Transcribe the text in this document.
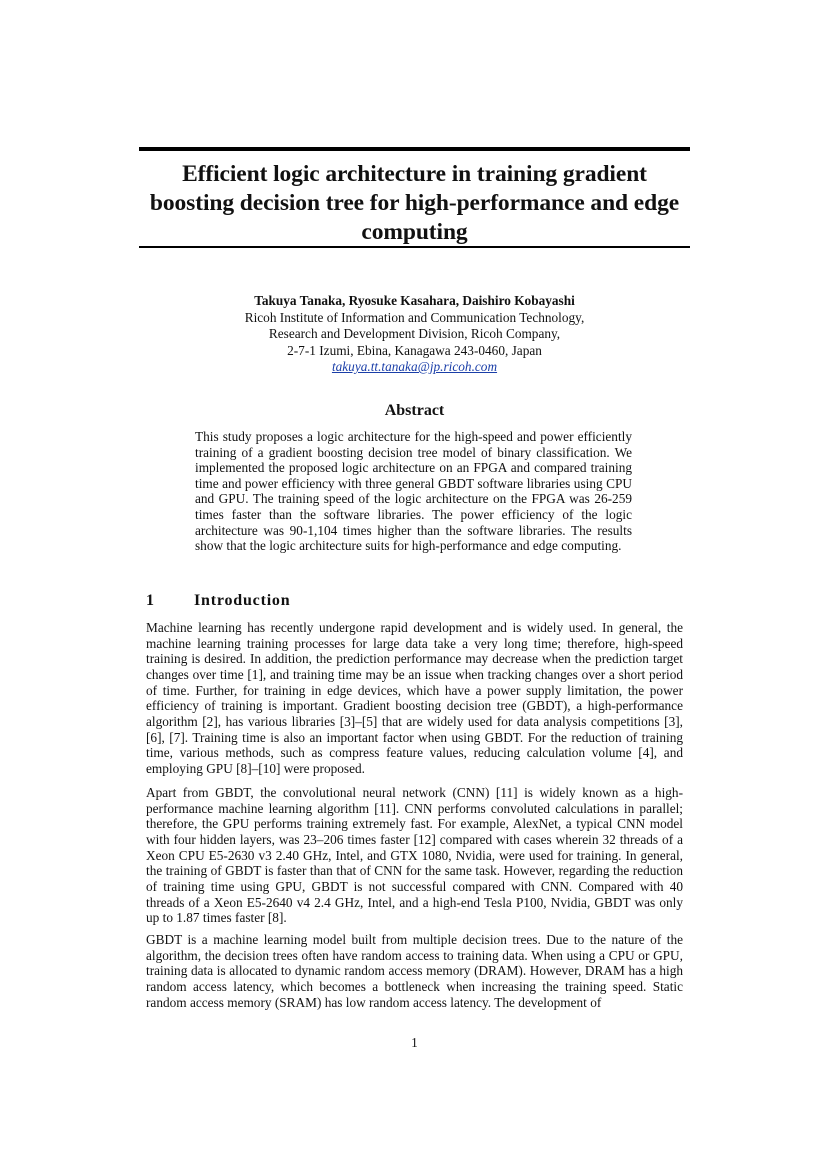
Efficient logic architecture in training gradient boosting decision tree for high-performance and edge computing
Takuya Tanaka, Ryosuke Kasahara, Daishiro Kobayashi
Ricoh Institute of Information and Communication Technology,
Research and Development Division, Ricoh Company,
2-7-1 Izumi, Ebina, Kanagawa 243-0460, Japan
takuya.tt.tanaka@jp.ricoh.com
Abstract

This study proposes a logic architecture for the high-speed and power efficiently training of a gradient boosting decision tree model of binary classification. We implemented the proposed logic architecture on an FPGA and compared training time and power efficiency with three general GBDT software libraries using CPU and GPU. The training speed of the logic architecture on the FPGA was 26-259 times faster than the software libraries. The power efficiency of the logic architecture was 90-1,104 times higher than the software libraries. The results show that the logic architecture suits for high-performance and edge computing.

1 Introduction

Machine learning has recently undergone rapid development and is widely used. In general, the machine learning training processes for large data take a very long time; therefore, high-speed training is desired. In addition, the prediction performance may decrease when the prediction target changes over time [1], and training time may be an issue when tracking changes over a short period of time. Further, for training in edge devices, which have a power supply limitation, the power efficiency of training is important. Gradient boosting decision tree (GBDT), a high-performance algorithm [2], has various libraries [3]–[5] that are widely used for data analysis competitions [3], [6], [7]. Training time is also an important factor when using GBDT. For the reduction of training time, various methods, such as compress feature values, reducing calculation volume [4], and employing GPU [8]–[10] were proposed.

Apart from GBDT, the convolutional neural network (CNN) [11] is widely known as a high-performance machine learning algorithm [11]. CNN performs convoluted calculations in parallel; therefore, the GPU performs training extremely fast. For example, AlexNet, a typical CNN model with four hidden layers, was 23–206 times faster [12] compared with cases wherein 32 threads of a Xeon CPU E5-2630 v3 2.40 GHz, Intel, and GTX 1080, Nvidia, were used for training. In general, the training of GBDT is faster than that of CNN for the same task. However, regarding the reduction of training time using GPU, GBDT is not successful compared with CNN. Compared with 40 threads of a Xeon E5-2640 v4 2.4 GHz, Intel, and a high-end Tesla P100, Nvidia, GBDT was only up to 1.87 times faster [8].

GBDT is a machine learning model built from multiple decision trees. Due to the nature of the algorithm, the decision trees often have random access to training data. When using a CPU or GPU, training data is allocated to dynamic random access memory (DRAM). However, DRAM has a high random access latency, which becomes a bottleneck when increasing the training speed. Static random access memory (SRAM) has low random access latency. The development of

1
